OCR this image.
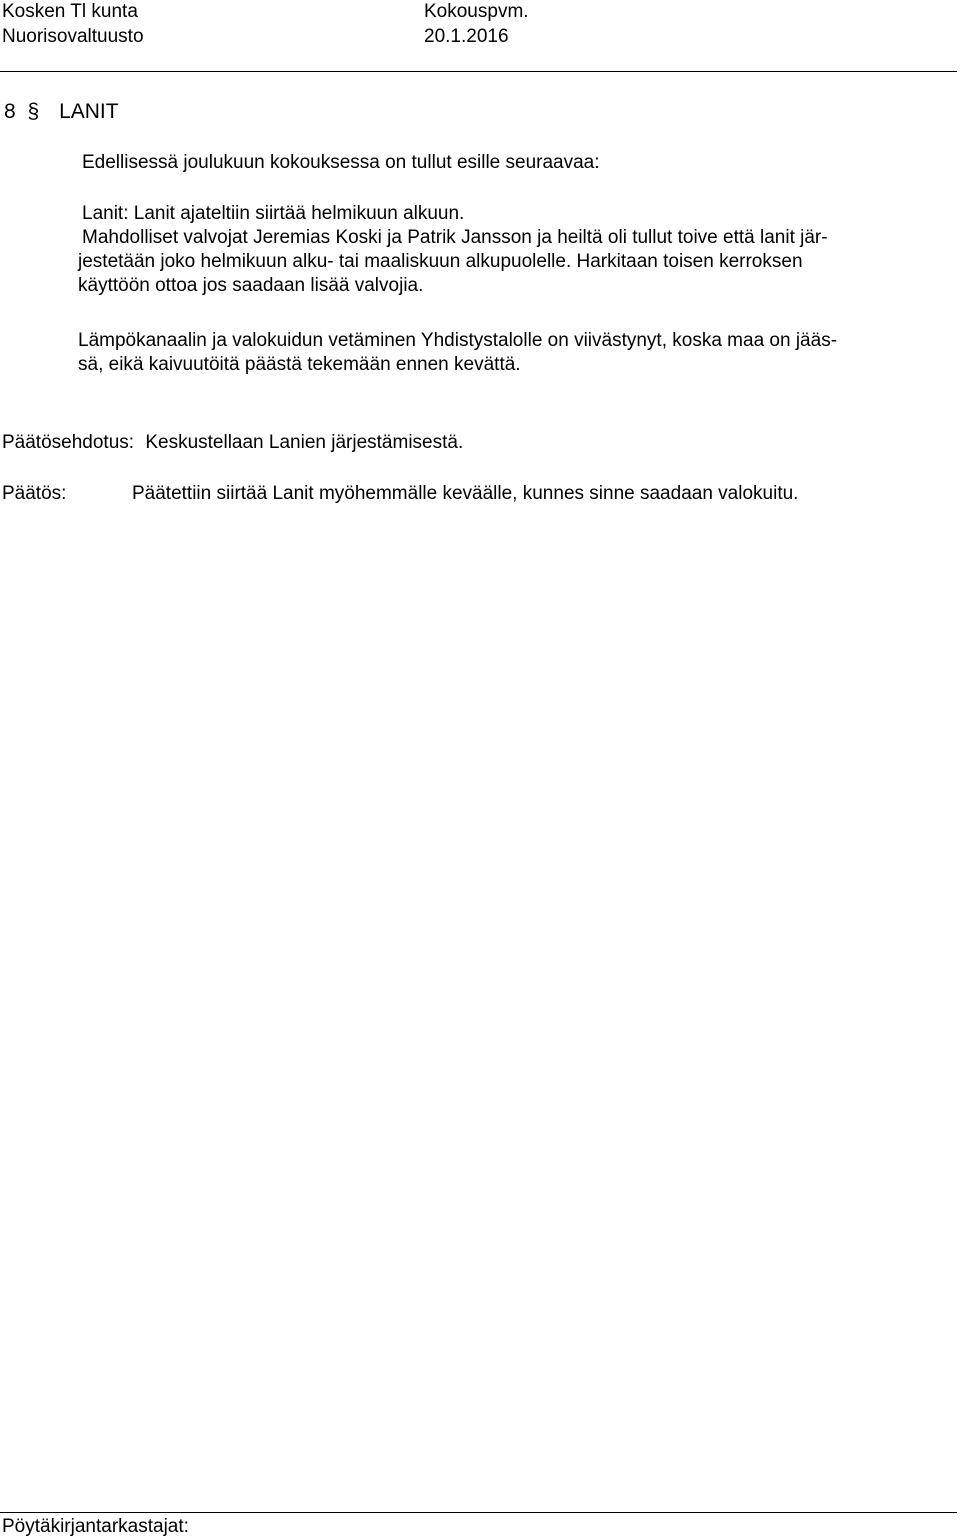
Kosken Tl kunta
Nuorisovaltuusto
Kokouspvm.
20.1.2016
8 § LANIT
Edellisessä joulukuun kokouksessa on tullut esille seuraavaa:
Lanit: Lanit ajateltiin siirtää helmikuun alkuun.
Mahdolliset valvojat Jeremias Koski ja Patrik Jansson ja heiltä oli tullut toive että lanit jär-
jestetään joko helmikuun alku- tai maaliskuun alkupuolelle. Harkitaan toisen kerroksen
käyttöön ottoa jos saadaan lisää valvojia.
Lämpökanaalin ja valokuidun vetäminen Yhdistystalolle on viivästynyt, koska maa on jääs-
sä, eikä kaivuutöitä päästä tekemään ennen kevättä.
Päätösehdotus: Keskustellaan Lanien järjestämisestä.
Päätös:	Päätettiin siirtää Lanit myöhemmälle keväälle, kunnes sinne saadaan valokuitu.
Pöytäkirjantarkastajat:
